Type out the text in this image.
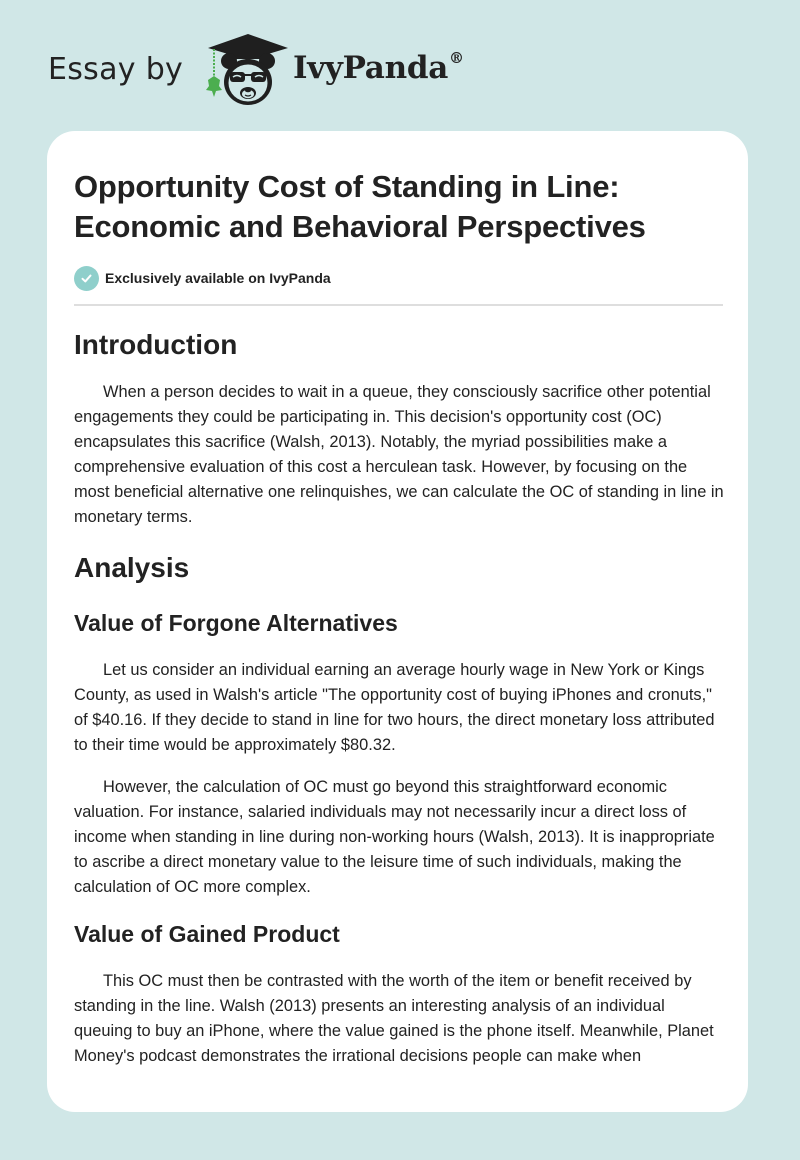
Essay by	IvyPanda®
Opportunity Cost of Standing in Line: Economic and Behavioral Perspectives
Exclusively available on IvyPanda
Introduction

When a person decides to wait in a queue, they consciously sacrifice other potential engagements they could be participating in. This decision's opportunity cost (OC) encapsulates this sacrifice (Walsh, 2013). Notably, the myriad possibilities make a comprehensive evaluation of this cost a herculean task. However, by focusing on the most beneficial alternative one relinquishes, we can calculate the OC of standing in line in monetary terms.

Analysis
Value of Forgone Alternatives

Let us consider an individual earning an average hourly wage in New York or Kings County, as used in Walsh's article "The opportunity cost of buying iPhones and cronuts," of $40.16. If they decide to stand in line for two hours, the direct monetary loss attributed to their time would be approximately $80.32.

However, the calculation of OC must go beyond this straightforward economic valuation. For instance, salaried individuals may not necessarily incur a direct loss of income when standing in line during non-working hours (Walsh, 2013). It is inappropriate to ascribe a direct monetary value to the leisure time of such individuals, making the calculation of OC more complex.

Value of Gained Product

This OC must then be contrasted with the worth of the item or benefit received by standing in the line. Walsh (2013) presents an interesting analysis of an individual queuing to buy an iPhone, where the value gained is the phone itself. Meanwhile, Planet Money's podcast demonstrates the irrational decisions people can make when
